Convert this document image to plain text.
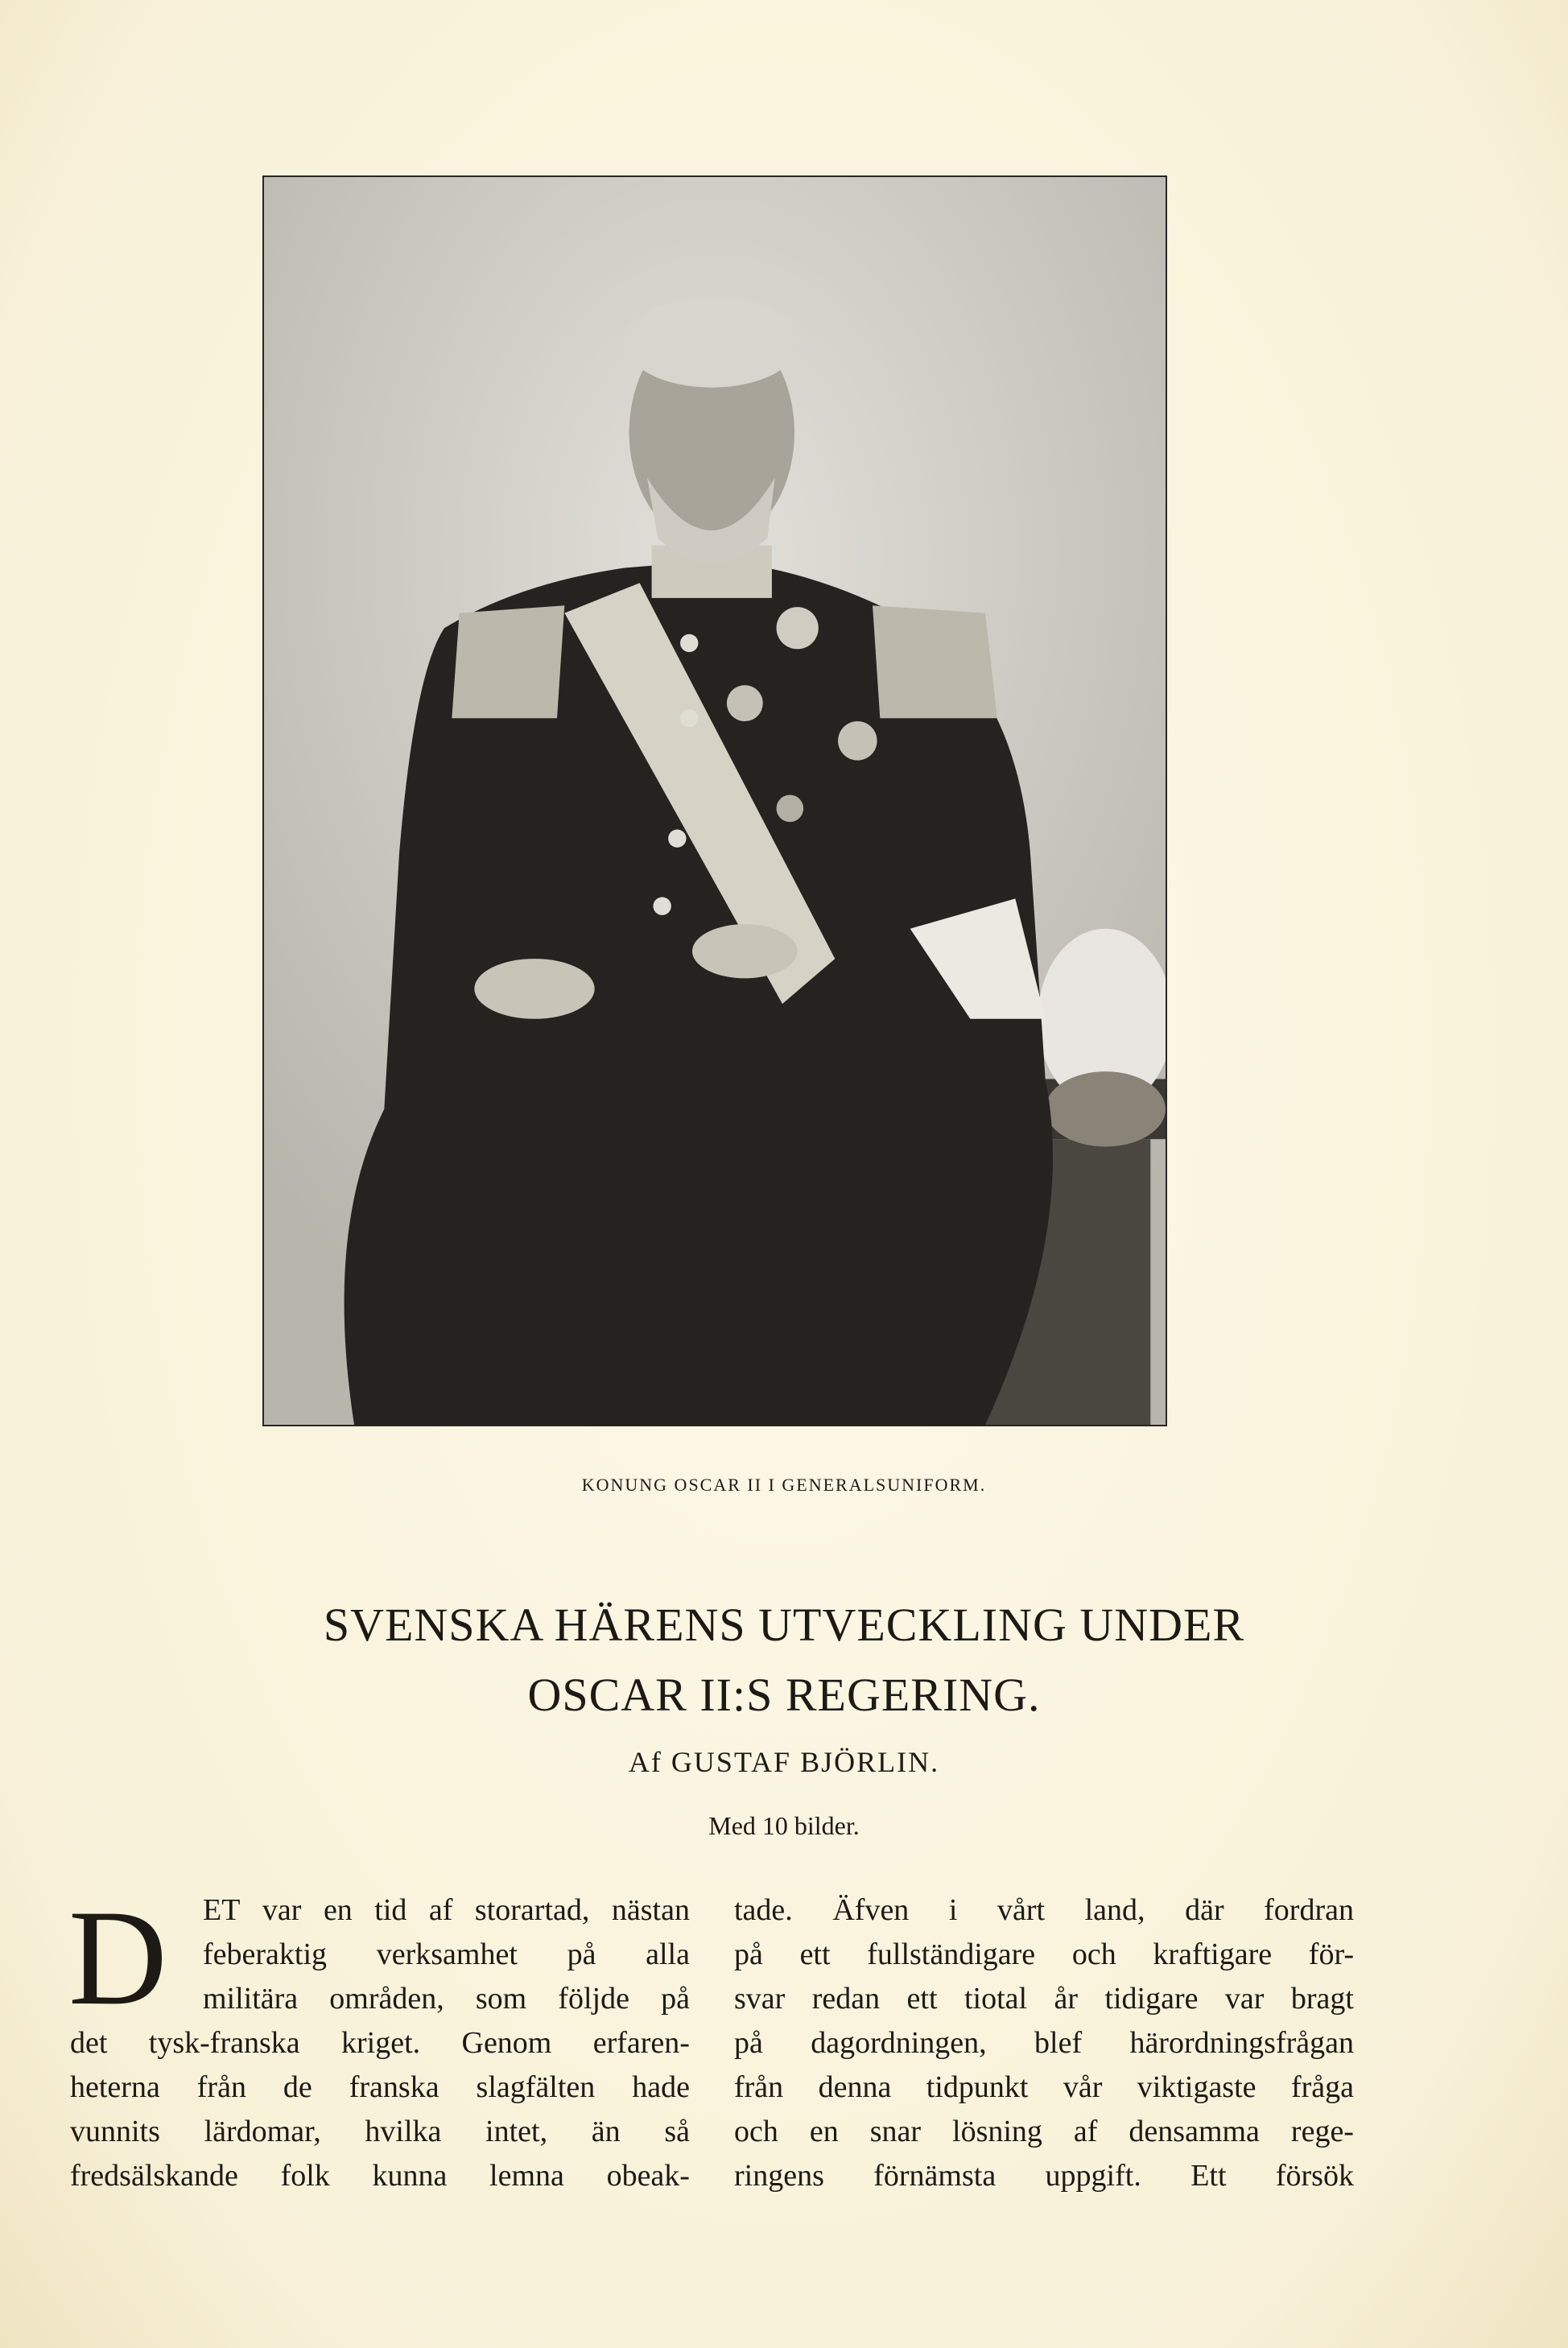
KONUNG OSCAR II I GENERALSUNIFORM.
SVENSKA HÄRENS UTVECKLING UNDER
OSCAR II:S REGERING.
Af GUSTAF BJÖRLIN.
Med 10 bilder.
D	ET var en tid af storartad, nästan
feberaktig verksamhet på alla
militära områden, som följde på
det tysk-franska kriget. Genom erfaren-
heterna från de franska slagfälten hade
vunnits lärdomar, hvilka intet, än så
fredsälskande folk kunna lemna obeak-
tade. Äfven i vårt land, där fordran
på ett fullständigare och kraftigare för-
svar redan ett tiotal år tidigare var bragt
på dagordningen, blef härordningsfrågan
från denna tidpunkt vår viktigaste fråga
och en snar lösning af densamma rege-
ringens förnämsta uppgift. Ett försök
